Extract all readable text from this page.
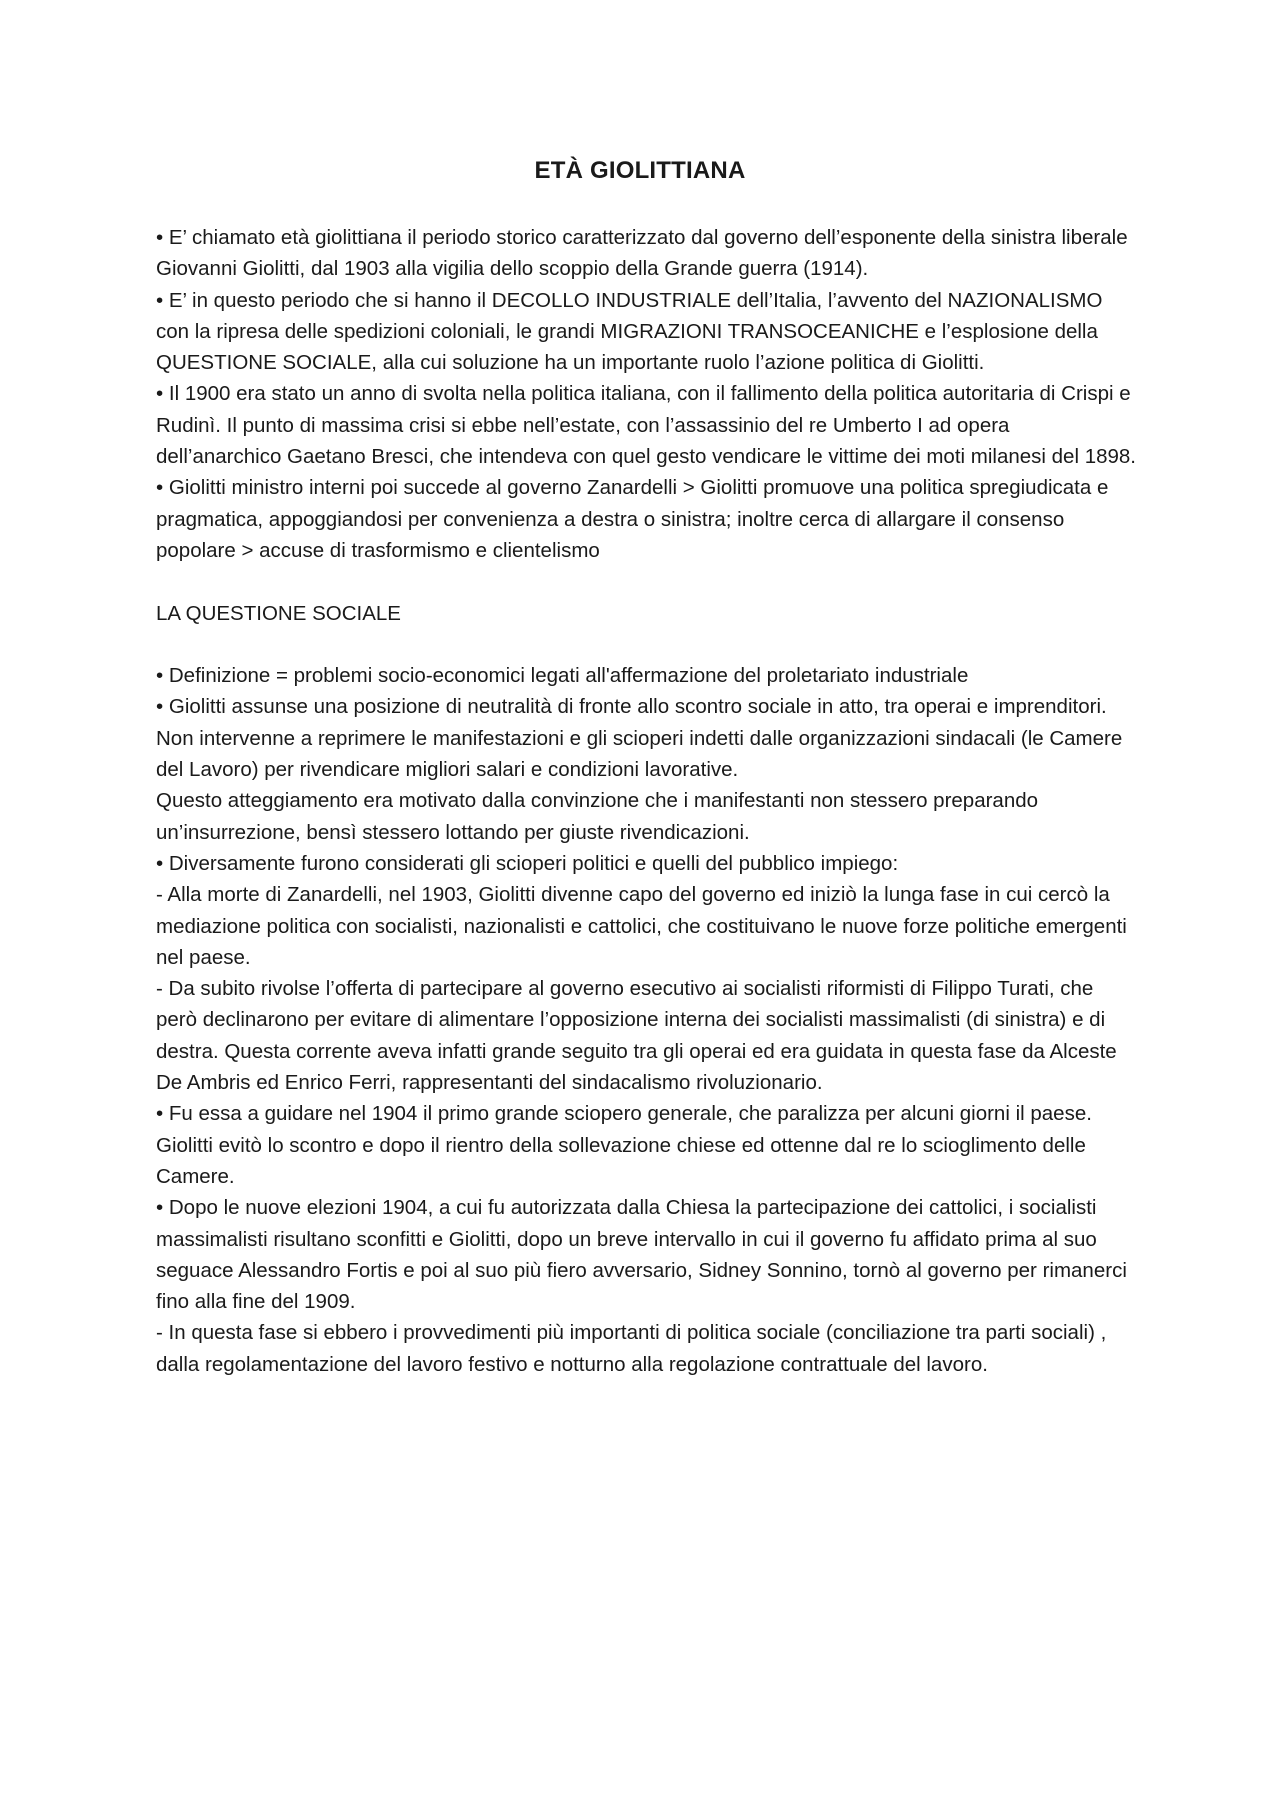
ETÀ GIOLITTIANA

• E’ chiamato età giolittiana il periodo storico caratterizzato dal governo dell’esponente della sinistra liberale Giovanni Giolitti, dal 1903 alla vigilia dello scoppio della Grande guerra (1914).

• E’ in questo periodo che si hanno il DECOLLO INDUSTRIALE dell’Italia, l’avvento del NAZIONALISMO con la ripresa delle spedizioni coloniali, le grandi MIGRAZIONI TRANSOCEANICHE e l’esplosione della QUESTIONE SOCIALE, alla cui soluzione ha un importante ruolo l’azione politica di Giolitti.

• Il 1900 era stato un anno di svolta nella politica italiana, con il fallimento della politica autoritaria di Crispi e Rudinì. Il punto di massima crisi si ebbe nell’estate, con l’assassinio del re Umberto I ad opera dell’anarchico Gaetano Bresci, che intendeva con quel gesto vendicare le vittime dei moti milanesi del 1898.

• Giolitti ministro interni poi succede al governo Zanardelli > Giolitti promuove una politica spregiudicata e pragmatica, appoggiandosi per convenienza a destra o sinistra; inoltre cerca di allargare il consenso popolare > accuse di trasformismo e clientelismo

LA QUESTIONE SOCIALE

• Definizione = problemi socio-economici legati all'affermazione del proletariato industriale

• Giolitti assunse una posizione di neutralità di fronte allo scontro sociale in atto, tra operai e imprenditori. Non intervenne a reprimere le manifestazioni e gli scioperi indetti dalle organizzazioni sindacali (le Camere del Lavoro) per rivendicare migliori salari e condizioni lavorative.

Questo atteggiamento era motivato dalla convinzione che i manifestanti non stessero preparando un’insurrezione, bensì stessero lottando per giuste rivendicazioni.

• Diversamente furono considerati gli scioperi politici e quelli del pubblico impiego:

- Alla morte di Zanardelli, nel 1903, Giolitti divenne capo del governo ed iniziò la lunga fase in cui cercò la mediazione politica con socialisti, nazionalisti e cattolici, che costituivano le nuove forze politiche emergenti nel paese.

- Da subito rivolse l’offerta di partecipare al governo esecutivo ai socialisti riformisti di Filippo Turati, che però declinarono per evitare di alimentare l’opposizione interna dei socialisti massimalisti (di sinistra) e di destra. Questa corrente aveva infatti grande seguito tra gli operai ed era guidata in questa fase da Alceste De Ambris ed Enrico Ferri, rappresentanti del sindacalismo rivoluzionario.

• Fu essa a guidare nel 1904 il primo grande sciopero generale, che paralizza per alcuni giorni il paese. Giolitti evitò lo scontro e dopo il rientro della sollevazione chiese ed ottenne dal re lo scioglimento delle Camere.

• Dopo le nuove elezioni 1904, a cui fu autorizzata dalla Chiesa la partecipazione dei cattolici, i socialisti massimalisti risultano sconfitti e Giolitti, dopo un breve intervallo in cui il governo fu affidato prima al suo seguace Alessandro Fortis e poi al suo più fiero avversario, Sidney Sonnino, tornò al governo per rimanerci fino alla fine del 1909.

- In questa fase si ebbero i provvedimenti più importanti di politica sociale (conciliazione tra parti sociali) , dalla regolamentazione del lavoro festivo e notturno alla regolazione contrattuale del lavoro.
